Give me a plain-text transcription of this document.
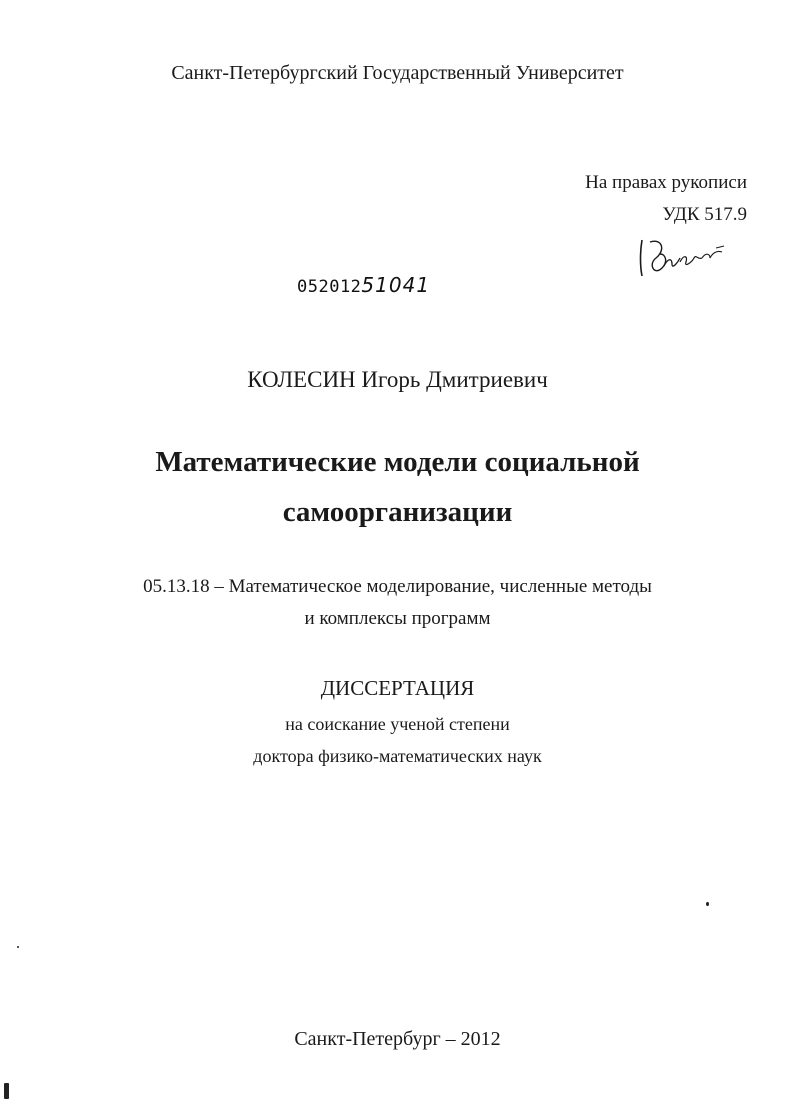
Санкт-Петербургский Государственный Университет
На правах рукописи
УДК 517.9
05201251041
КОЛЕСИН Игорь Дмитриевич
Математические модели социальной
самоорганизации
05.13.18 – Математическое моделирование, численные методы
и комплексы программ
ДИССЕРТАЦИЯ
на соискание ученой степени
доктора физико-математических наук
Санкт-Петербург – 2012
